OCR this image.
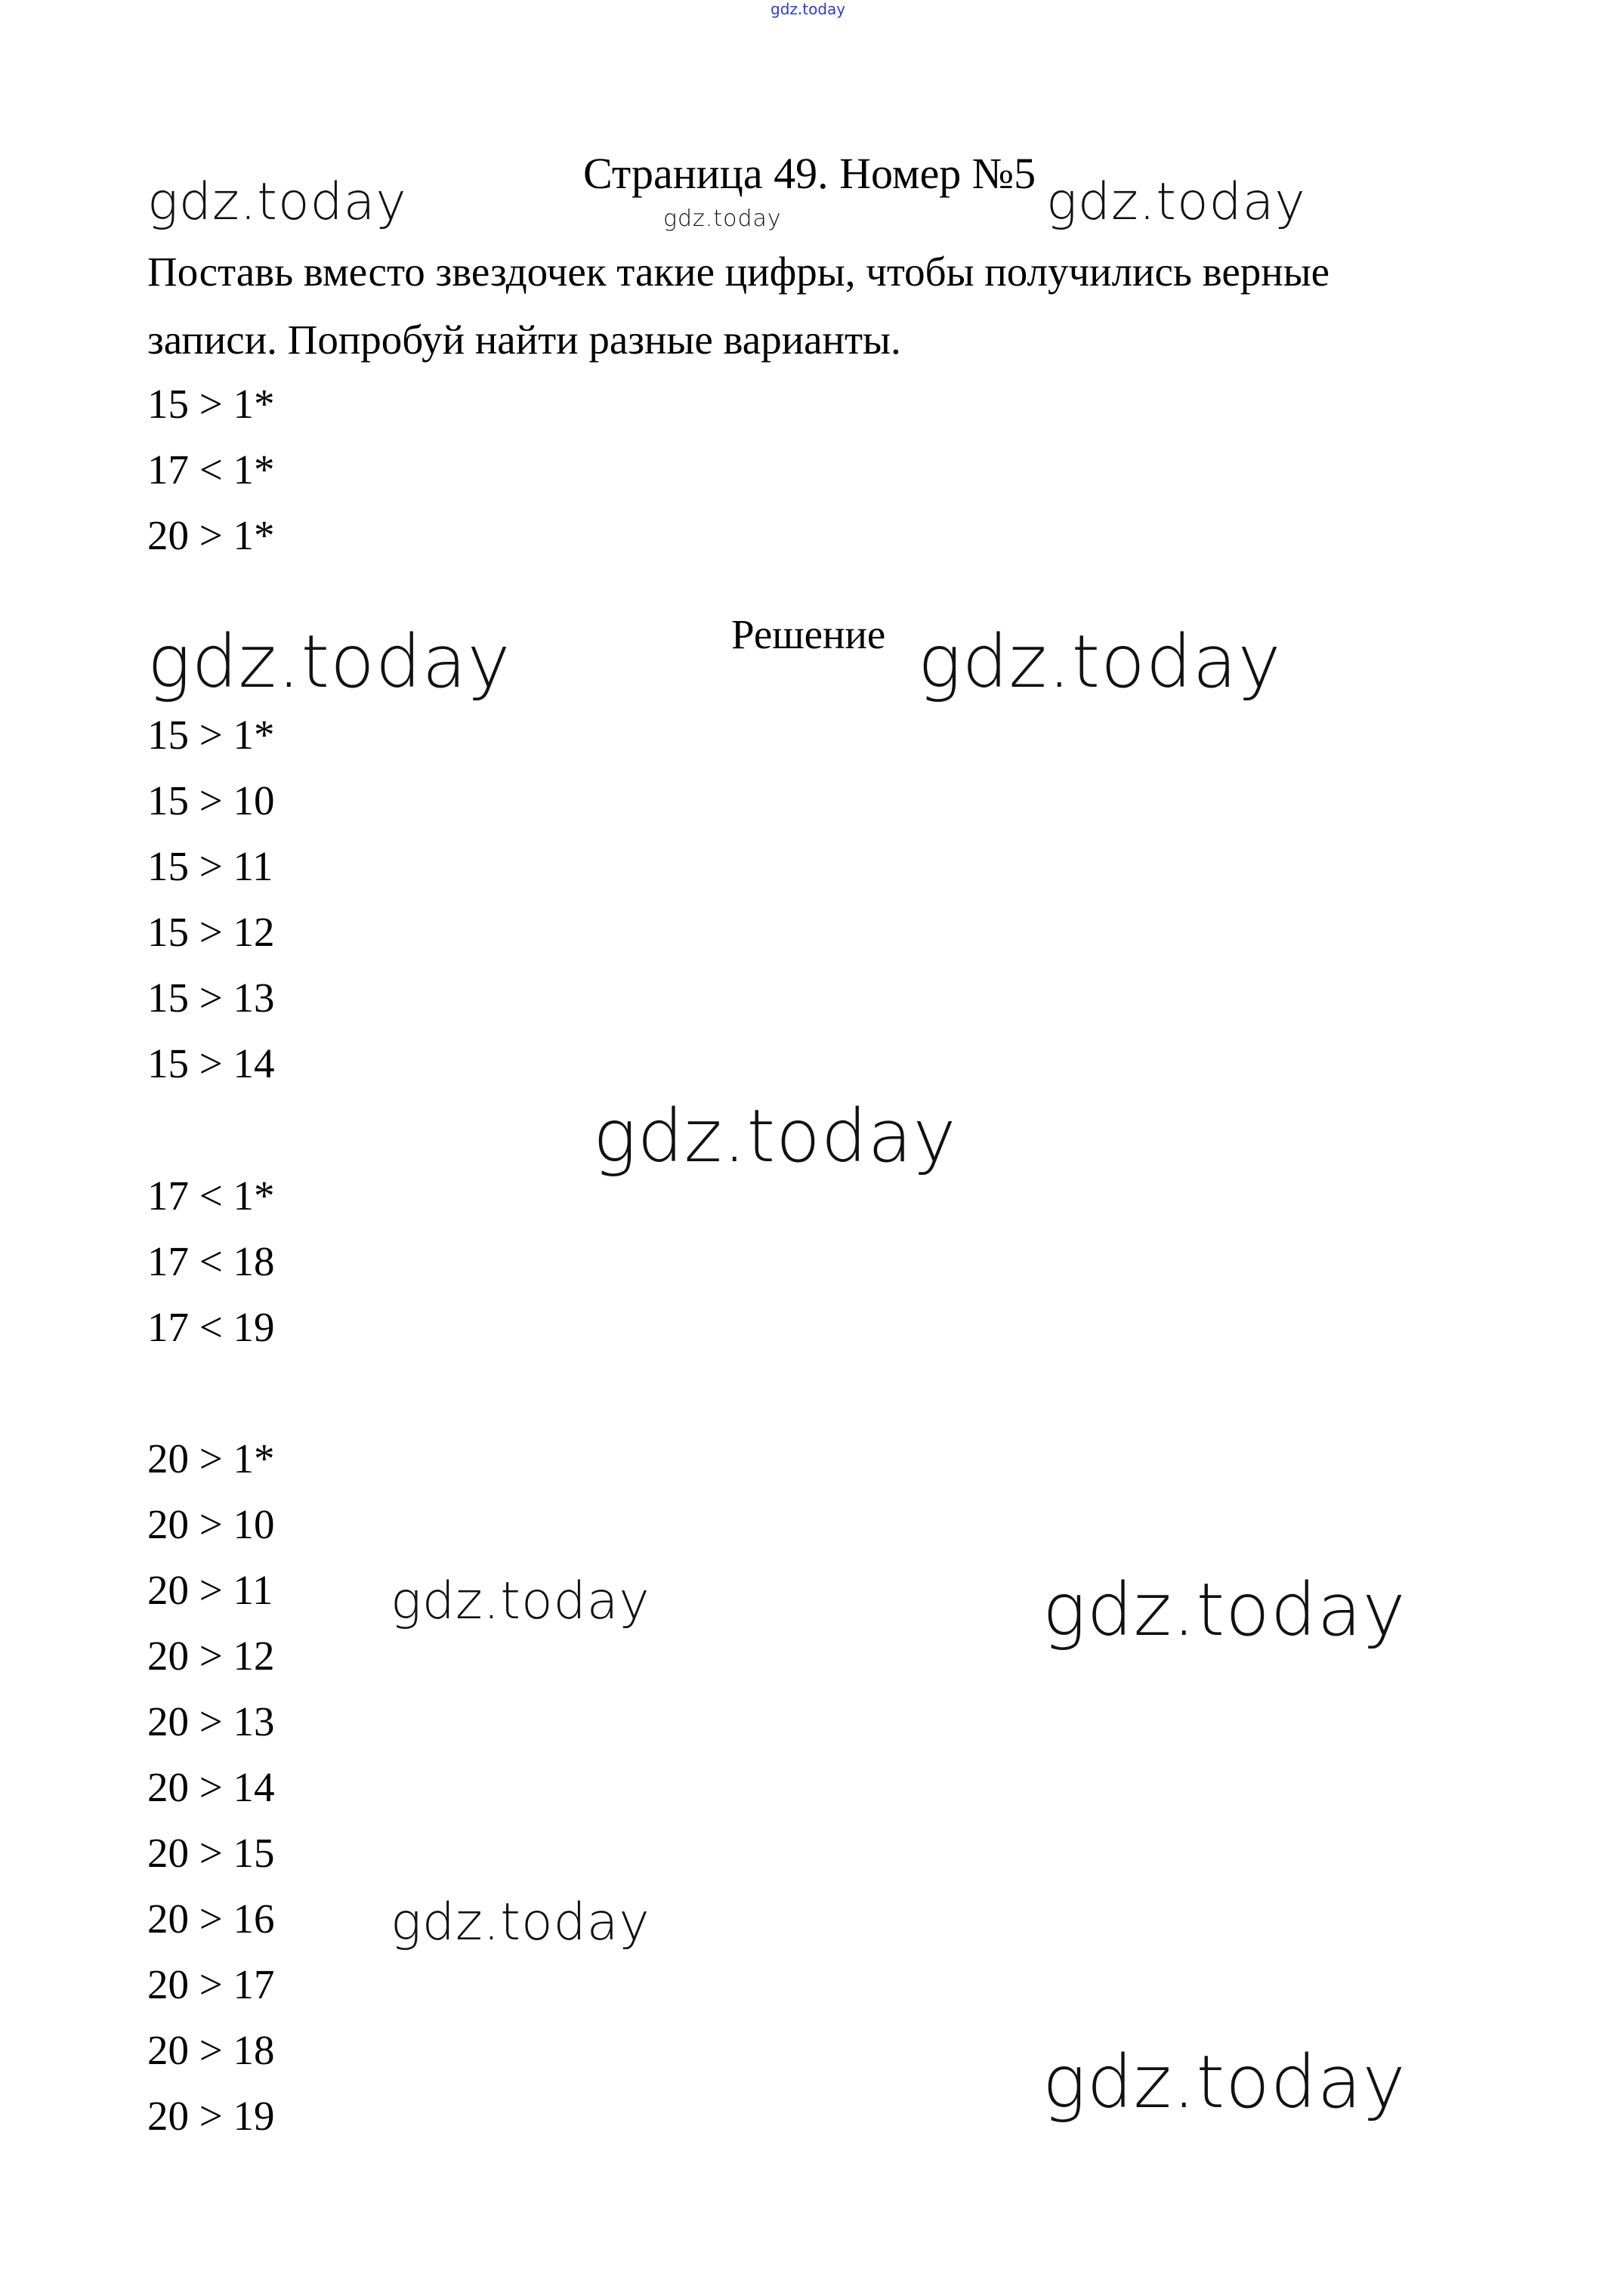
gdz.today
Страница 49. Номер №5
gdz.today	gdz.today	gdz.today
Поставь вместо звездочек такие цифры, чтобы получились верные
записи. Попробуй найти разные варианты.
15 > 1*
17 < 1*
20 > 1*
Решение
gdz.today	gdz.today
15 > 1*
15 > 10
15 > 11
15 > 12
15 > 13
15 > 14
gdz.today
17 < 1*
17 < 18
17 < 19
20 > 1*
20 > 10
20 > 11
20 > 12
20 > 13
20 > 14
20 > 15
20 > 16
20 > 17
20 > 18
20 > 19
gdz.today	gdz.today
gdz.today
gdz.today
